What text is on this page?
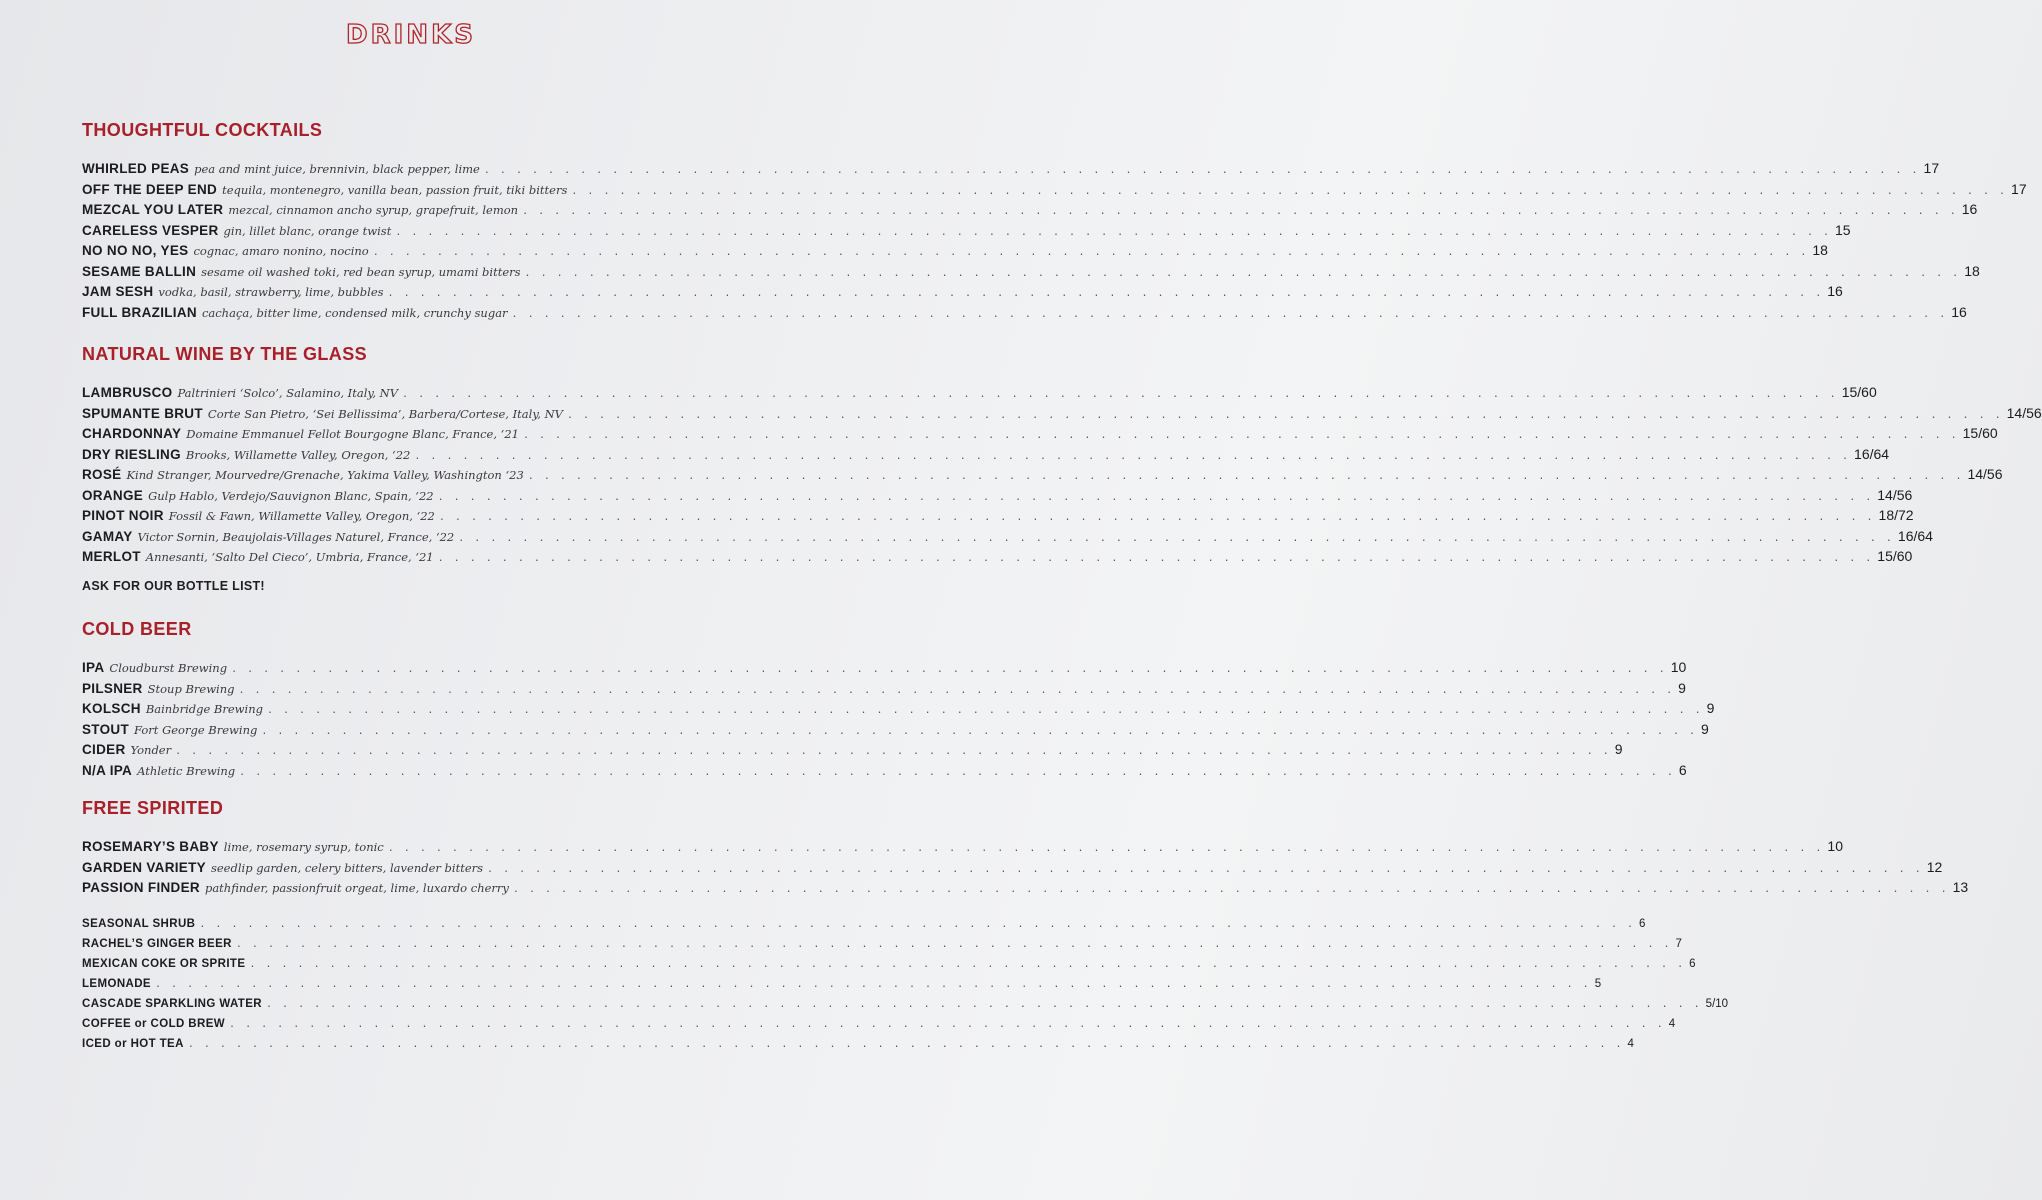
DRINKS
THOUGHTFUL COCKTAILS
WHIRLED PEAS pea and mint juice, brennivin, black pepper, lime . . .	17
OFF THE DEEP END tequila, montenegro, vanilla bean, passion fruit, tiki bitters . . .	17
MEZCAL YOU LATER mezcal, cinnamon ancho syrup, grapefruit, lemon . . .	16
CARELESS VESPER gin, lillet blanc, orange twist . . .	15
NO NO NO, YES cognac, amaro nonino, nocino . . .	18
SESAME BALLIN sesame oil washed toki, red bean syrup, umami bitters . . .	18
JAM SESH vodka, basil, strawberry, lime, bubbles . . .	16
FULL BRAZILIAN cachaça, bitter lime, condensed milk, crunchy sugar . . .	16
NATURAL WINE BY THE GLASS
LAMBRUSCO Paltrinieri ‘Solco’, Salamino, Italy, NV . . .	15/60
SPUMANTE BRUT Corte San Pietro, ‘Sei Bellissima’, Barbera/Cortese, Italy, NV . . .	14/56
CHARDONNAY Domaine Emmanuel Fellot Bourgogne Blanc, France, ‘21 . . .	15/60
DRY RIESLING Brooks, Willamette Valley, Oregon, ‘22 . . .	16/64
ROSÉ Kind Stranger, Mourvedre/Grenache, Yakima Valley, Washington ‘23 . . .	14/56
ORANGE Gulp Hablo, Verdejo/Sauvignon Blanc, Spain, ‘22 . . .	14/56
PINOT NOIR Fossil & Fawn, Willamette Valley, Oregon, ‘22 . . .	18/72
GAMAY Victor Sornin, Beaujolais-Villages Naturel, France, ‘22 . . .	16/64
MERLOT Annesanti, ‘Salto Del Cieco’, Umbria, France, ‘21 . . .	15/60
ASK FOR OUR BOTTLE LIST!
COLD BEER
IPA Cloudburst Brewing . . .	10
PILSNER Stoup Brewing . . .	9
KOLSCH Bainbridge Brewing . . .	9
STOUT Fort George Brewing . . .	9
CIDER Yonder . . .	9
N/A IPA Athletic Brewing . . .	6
FREE SPIRITED
ROSEMARY’S BABY lime, rosemary syrup, tonic . . .	10
GARDEN VARIETY seedlip garden, celery bitters, lavender bitters . . .	12
PASSION FINDER pathfinder, passionfruit orgeat, lime, luxardo cherry . . .	13
SEASONAL SHRUB . . .	6
RACHEL’S GINGER BEER . . .	7
MEXICAN COKE OR SPRITE . . .	6
LEMONADE . . .	5
CASCADE SPARKLING WATER . . .	5/10
COFFEE or COLD BREW . . .	4
ICED or HOT TEA . . .	4
